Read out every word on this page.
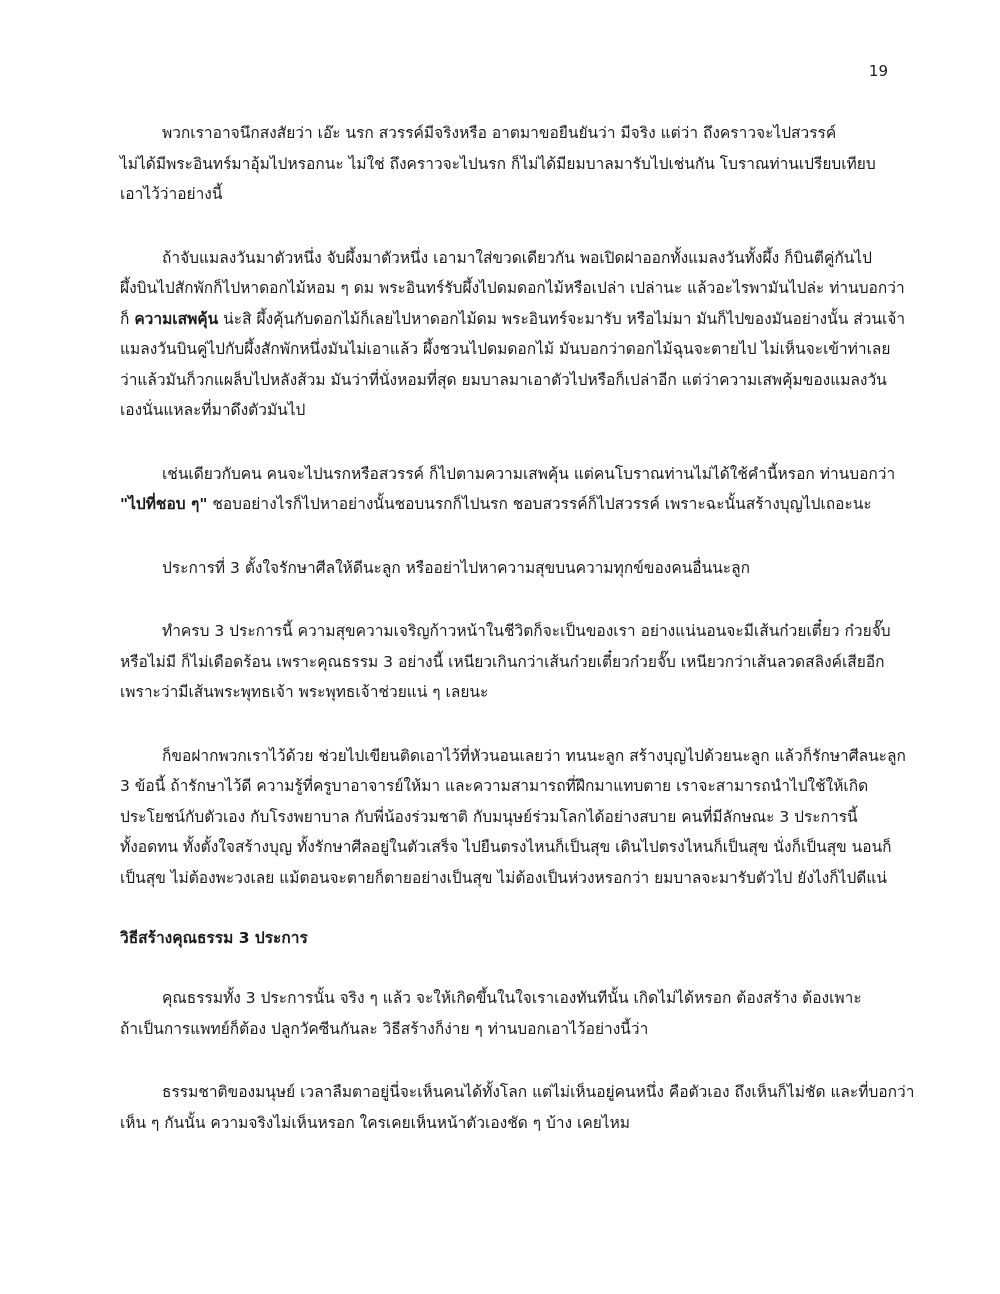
19

พวกเราอาจนึกสงสัยว่า เอ๊ะ นรก สวรรค์มีจริงหรือ อาตมาขอยืนยันว่า มีจริง แต่ว่า ถึงคราวจะไปสวรรค์
ไม่ได้มีพระอินทร์มาอุ้มไปหรอกนะ ไม่ใช่ ถึงคราวจะไปนรก ก็ไม่ได้มียมบาลมารับไปเช่นกัน โบราณท่านเปรียบเทียบ
เอาไว้ว่าอย่างนี้

ถ้าจับแมลงวันมาตัวหนึ่ง จับผึ้งมาตัวหนึ่ง เอามาใส่ขวดเดียวกัน พอเปิดฝาออกทั้งแมลงวันทั้งผึ้ง ก็บินตีคู่กันไป
ผึ้งบินไปสักพักก็ไปหาดอกไม้หอม ๆ ดม พระอินทร์รับผึ้งไปดมดอกไม้หรือเปล่า เปล่านะ แล้วอะไรพามันไปล่ะ ท่านบอกว่า
ก็ ความเสพคุ้น น่ะสิ ผึ้งคุ้นกับดอกไม้ก็เลยไปหาดอกไม้ดม พระอินทร์จะมารับ หรือไม่มา มันก็ไปของมันอย่างนั้น ส่วนเจ้า
แมลงวันบินคู่ไปกับผึ้งสักพักหนึ่งมันไม่เอาแล้ว ผึ้งชวนไปดมดอกไม้ มันบอกว่าดอกไม้ฉุนจะตายไป ไม่เห็นจะเข้าท่าเลย
ว่าแล้วมันก็วกแผล็บไปหลังส้วม มันว่าที่นั่งหอมที่สุด ยมบาลมาเอาตัวไปหรือก็เปล่าอีก แต่ว่าความเสพคุ้มของแมลงวัน
เองนั่นแหละที่มาดึงตัวมันไป

เช่นเดียวกับคน คนจะไปนรกหรือสวรรค์ ก็ไปตามความเสพคุ้น แต่คนโบราณท่านไม่ได้ใช้คำนี้หรอก ท่านบอกว่า
"ไปที่ชอบ ๆ" ชอบอย่างไรก็ไปหาอย่างนั้นชอบนรกก็ไปนรก ชอบสวรรค์ก็ไปสวรรค์ เพราะฉะนั้นสร้างบุญไปเถอะนะ

ประการที่ 3 ตั้งใจรักษาศีลให้ดีนะลูก หรืออย่าไปหาความสุขบนความทุกข์ของคนอื่นนะลูก

ทำครบ 3 ประการนี้ ความสุขความเจริญก้าวหน้าในชีวิตก็จะเป็นของเรา อย่างแน่นอนจะมีเส้นก๋วยเตี๋ยว ก๋วยจั๊บ
หรือไม่มี ก็ไม่เดือดร้อน เพราะคุณธรรม 3 อย่างนี้ เหนียวเกินกว่าเส้นก๋วยเตี๋ยวก๋วยจั๊บ เหนียวกว่าเส้นลวดสลิงค์เสียอีก
เพราะว่ามีเส้นพระพุทธเจ้า พระพุทธเจ้าช่วยแน่ ๆ เลยนะ

ก็ขอฝากพวกเราไว้ด้วย ช่วยไปเขียนติดเอาไว้ที่หัวนอนเลยว่า ทนนะลูก สร้างบุญไปด้วยนะลูก แล้วก็รักษาศีลนะลูก
3 ข้อนี้ ถ้ารักษาไว้ดี ความรู้ที่ครูบาอาจารย์ให้มา และความสามารถที่ฝึกมาแทบตาย เราจะสามารถนำไปใช้ให้เกิด
ประโยชน์กับตัวเอง กับโรงพยาบาล กับพี่น้องร่วมชาติ กับมนุษย์ร่วมโลกได้อย่างสบาย คนที่มีลักษณะ 3 ประการนี้
ทั้งอดทน ทั้งตั้งใจสร้างบุญ ทั้งรักษาศีลอยู่ในตัวเสร็จ ไปยืนตรงไหนก็เป็นสุข เดินไปตรงไหนก็เป็นสุข นั่งก็เป็นสุข นอนก็
เป็นสุข ไม่ต้องพะวงเลย แม้ตอนจะตายก็ตายอย่างเป็นสุข ไม่ต้องเป็นห่วงหรอกว่า ยมบาลจะมารับตัวไป ยังไงก็ไปดีแน่

วิธีสร้างคุณธรรม 3 ประการ

คุณธรรมทั้ง 3 ประการนั้น จริง ๆ แล้ว จะให้เกิดขึ้นในใจเราเองทันทีนั้น เกิดไม่ได้หรอก ต้องสร้าง ต้องเพาะ
ถ้าเป็นการแพทย์ก็ต้อง ปลูกวัคซีนกันละ วิธีสร้างก็ง่าย ๆ ท่านบอกเอาไว้อย่างนี้ว่า

ธรรมชาติของมนุษย์ เวลาลืมตาอยู่นี่จะเห็นคนได้ทั้งโลก แต่ไม่เห็นอยู่คนหนึ่ง คือตัวเอง ถึงเห็นก็ไม่ชัด และที่บอกว่า
เห็น ๆ กันนั้น ความจริงไม่เห็นหรอก ใครเคยเห็นหน้าตัวเองชัด ๆ บ้าง เคยไหม
